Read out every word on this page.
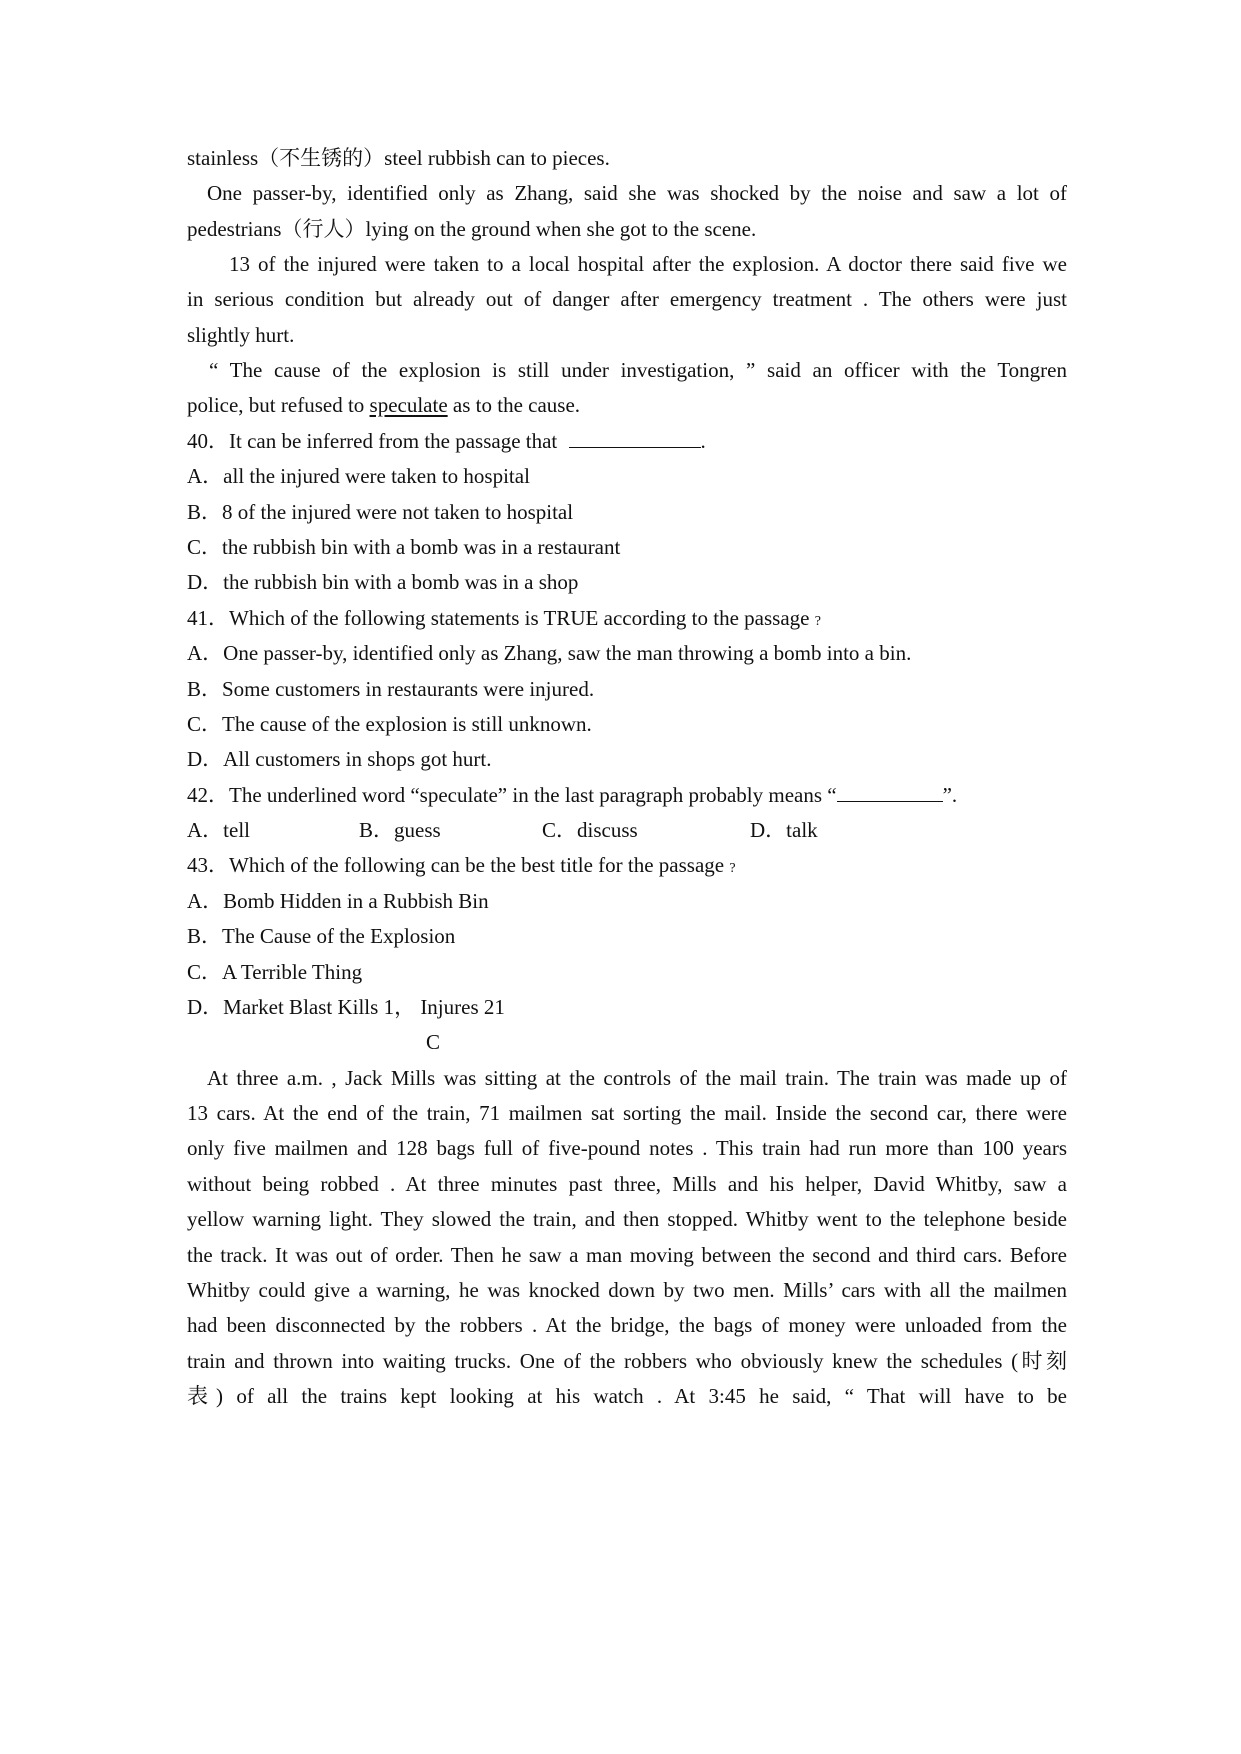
stainless（不生锈的）steel rubbish can to pieces.
One passer-by, identified only as Zhang, said she was shocked by the noise and saw a lot of
pedestrians（行人）lying on the ground when she got to the scene.
13 of the injured were taken to a local hospital after the explosion. A doctor there said five we
in serious condition but already out of danger after emergency treatment . The others were just
slightly hurt.
“ The cause of the explosion is still under investigation, ” said an officer with the Tongren
police, but refused to speculate as to the cause.
40．It can be inferred from the passage that	.
A．all the injured were taken to hospital
B．8 of the injured were not taken to hospital
C．the rubbish bin with a bomb was in a restaurant
D．the rubbish bin with a bomb was in a shop
41．Which of the following statements is TRUE according to the passage ?
A．One passer-by, identified only as Zhang, saw the man throwing a bomb into a bin.
B．Some customers in restaurants were injured.
C．The cause of the explosion is still unknown.
D．All customers in shops got hurt.
42．The underlined word “speculate” in the last paragraph probably means “	”.
A．tell	B．guess	C．discuss	D．talk
43．Which of the following can be the best title for the passage ?
A．Bomb Hidden in a Rubbish Bin
B．The Cause of the Explosion
C．A Terrible Thing
D．Market Blast Kills 1， Injures 21
C
At three a.m. , Jack Mills was sitting at the controls of the mail train. The train was made up of
13 cars. At the end of the train, 71 mailmen sat sorting the mail. Inside the second car, there were
only five mailmen and 128 bags full of five-pound notes . This train had run more than 100 years
without being robbed . At three minutes past three, Mills and his helper, David Whitby, saw a
yellow warning light. They slowed the train, and then stopped. Whitby went to the telephone beside
the track. It was out of order. Then he saw a man moving between the second and third cars. Before
Whitby could give a warning, he was knocked down by two men. Mills’ cars with all the mailmen
had been disconnected by the robbers . At the bridge, the bags of money were unloaded from the
train and thrown into waiting trucks. One of the robbers who obviously knew the schedules (时刻
表) of all the trains kept looking at his watch . At 3:45 he said, “ That will have to be
